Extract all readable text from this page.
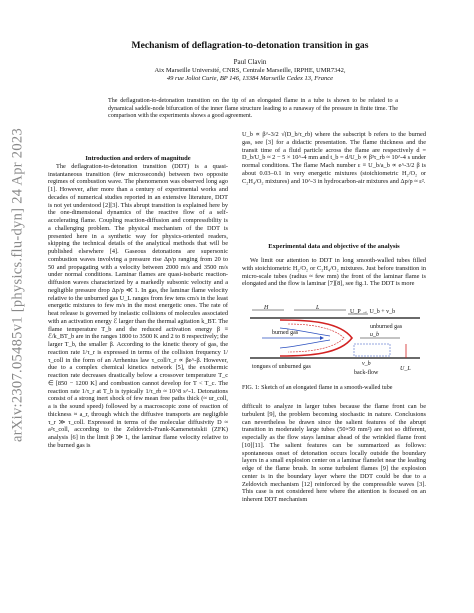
arXiv:2307.05485v1 [physics.flu-dyn] 24 Apr 2023
Mechanism of deflagration-to-detonation transition in gas
Paul Clavin
Aix Marseille Université, CNRS, Centrale Marseille, IRPHE, UMR7342,
49 rue Joliot Curie, BP 146, 13384 Marseille Cedex 13, France
The deflagration-to-detonation transition on the tip of an elongated flame in a tube is shown to be related to a dynamical saddle-node bifurcation of the inner flame structure leading to a runaway of the pressure in finite time. The comparison with the experiments shows a good agreement.

Introduction and orders of magnitude

The deflagration-to-detonation transition (DDT) is a quasi-instantaneous transition (few microseconds) between two opposite regimes of combustion wave. The phenomenon was observed long ago [1]. However, after more than a century of experimental works and decades of numerical studies reported in an extensive literature, DDT is not yet understood [2][3]. This abrupt transition is explained here by the one-dimensional dynamics of the reactive flow of a self-accelerating flame. Coupling reaction-diffusion and compressibility is a challenging problem. The physical mechanism of the DDT is presented here in a synthetic way for physics-oriented readers, skipping the technical details of the analytical methods that will be published elsewhere [4]. Gaseous detonations are supersonic combustion waves involving a pressure rise Δp/p ranging from 20 to 50 and propagating with a velocity between 2000 m/s and 3500 m/s under normal conditions. Laminar flames are quasi-isobaric reaction-diffusion waves characterized by a markedly subsonic velocity and a negligible pressure drop Δp/p ≪ 1. In gas, the laminar flame velocity relative to the unburned gas U_L ranges from few tens cm/s in the least energetic mixtures to few m/s in the most energetic ones. The rate of heat release is governed by inelastic collisions of molecules associated with an activation energy ℰ larger than the thermal agitation k_BT. The flame temperature T_b and the reduced activation energy β ≡ ℰ/k_BT_b are in the ranges 1800 to 3500 K and 2 to 8 respectively; the larger T_b, the smaller β. According to the kinetic theory of gas, the reaction rate 1/τ_r is expressed in terms of the collision frequency 1/τ_coll in the form of an Arrhenius law τ_coll/τ_r ∝ βe^-β. However, due to a complex chemical kinetics network [5], the exothermic reaction rate decreases drastically below a crossover temperature T_c ∈ [850 − 1200 K] and combustion cannot develop for T < T_c. The reaction rate 1/τ_r at T_b is typically 1/τ_rb ≈ 10^8 s^-1. Detonations consist of a strong inert shock of few mean free paths thick (≈ ur_coll, a is the sound speed) followed by a macroscopic zone of reaction of thickness ≈ a_r, through which the diffusive transports are negligible τ_r ≫ τ_coll. Expressed in terms of the molecular diffusivity D ≈ a²τ_coll, according to the Zeldovich-Frank-Kamenetstskii (ZFK) analysis [6] in the limit β ≫ 1, the laminar flame velocity relative to the burned gas is

U_b ∝ β^-3/2 √(D_b/τ_rb) where the subscript b refers to the burned gas, see [3] for a didactic presentation. The flame thickness and the transit time of a fluid particle across the flame are respectively d = D_b/U_b ≈ 2 − 5 × 10^-4 mm and t_b = d/U_b ∝ β³τ_rb ≈ 10^-4 s under normal conditions. The flame Mach number ε ≡ U_b/a_b ∝ e^-3/2 β is about 0.03–0.1 in very energetic mixtures (stoichiometric H₂/O₂ or C₂H₄/O₂ mixtures) and 10^-3 in hydrocarbon-air mixtures and Δp/p ≈ ε².

Experimental data and objective of the analysis

We limit our attention to DDT in long smooth-walled tubes filled with stoichiometric H₂/O₂ or C₂H₄/O₂ mixtures. Just before transition in micro-scale tubes (radius ≈ few mm) the front of the laminar flame is elongated and the flow is laminar [7][8], see fig.1. The DDT is more

H	L
U_P → U_b + v_b
unburned gas
u_b
burned gas
v_b
back-flow
tongues of unburned gas	U_L
FIG. 1: Sketch of an elongated flame in a smooth-walled tube

difficult to analyze in larger tubes because the flame front can be turbulent [9], the problem becoming stochastic in nature. Conclusions can nevertheless be drawn since the salient features of the abrupt transition in moderately large tubes (50×50 mm²) are not so different, especially as the flow stays laminar ahead of the wrinkled flame front [10][11]. The salient features can be summarized as follows: spontaneous onset of detonation occurs locally outside the boundary layers in a small explosion center on a laminar flamelet near the leading edge of the flame brush. In some turbulent flames [9] the explosion center is in the boundary layer where the DDT could be due to a Zeldovich mechanism [12] reinforced by the compressible waves [3]. This case is not considered here where the attention is focused on an inherent DDT mechanism
